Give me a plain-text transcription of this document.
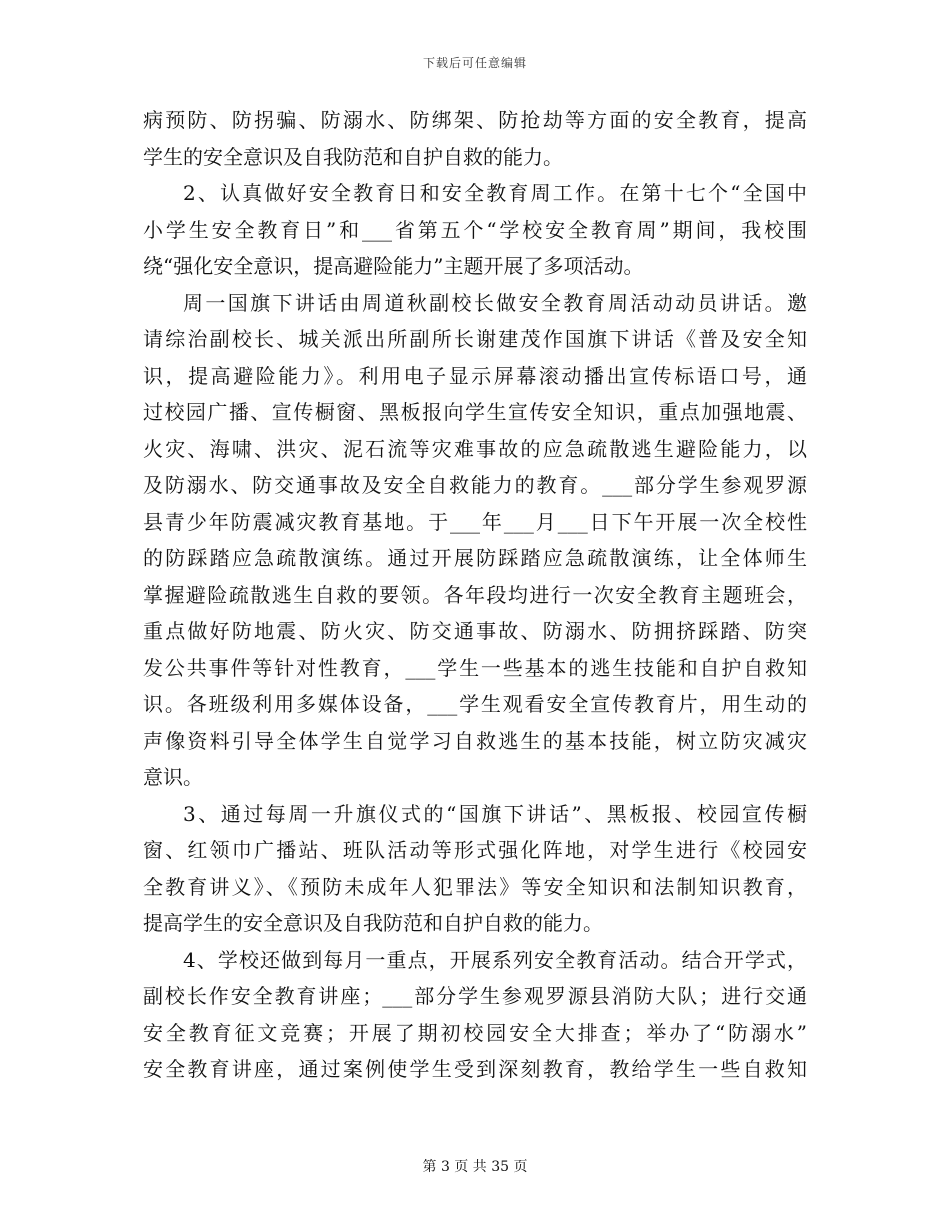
下载后可任意编辑
病预防、防拐骗、防溺水、防绑架、防抢劫等方面的安全教育，提高
学生的安全意识及自我防范和自护自救的能力。
2、认真做好安全教育日和安全教育周工作。在第十七个“全国中
小学生安全教育日”和___省第五个“学校安全教育周”期间，我校围
绕“强化安全意识，提高避险能力”主题开展了多项活动。
周一国旗下讲话由周道秋副校长做安全教育周活动动员讲话。邀
请综治副校长、城关派出所副所长谢建茂作国旗下讲话《普及安全知
识，提高避险能力》。利用电子显示屏幕滚动播出宣传标语口号，通
过校园广播、宣传橱窗、黑板报向学生宣传安全知识，重点加强地震、
火灾、海啸、洪灾、泥石流等灾难事故的应急疏散逃生避险能力，以
及防溺水、防交通事故及安全自救能力的教育。___部分学生参观罗源
县青少年防震减灾教育基地。于___年___月___日下午开展一次全校性
的防踩踏应急疏散演练。通过开展防踩踏应急疏散演练，让全体师生
掌握避险疏散逃生自救的要领。各年段均进行一次安全教育主题班会，
重点做好防地震、防火灾、防交通事故、防溺水、防拥挤踩踏、防突
发公共事件等针对性教育，___学生一些基本的逃生技能和自护自救知
识。各班级利用多媒体设备，___学生观看安全宣传教育片，用生动的
声像资料引导全体学生自觉学习自救逃生的基本技能，树立防灾减灾
意识。
3、通过每周一升旗仪式的“国旗下讲话”、黑板报、校园宣传橱
窗、红领巾广播站、班队活动等形式强化阵地，对学生进行《校园安
全教育讲义》、《预防未成年人犯罪法》等安全知识和法制知识教育，
提高学生的安全意识及自我防范和自护自救的能力。
4、学校还做到每月一重点，开展系列安全教育活动。结合开学式，
副校长作安全教育讲座；___部分学生参观罗源县消防大队；进行交通
安全教育征文竞赛；开展了期初校园安全大排查；举办了“防溺水”
安全教育讲座，通过案例使学生受到深刻教育，教给学生一些自救知
第 3 页 共 35 页
